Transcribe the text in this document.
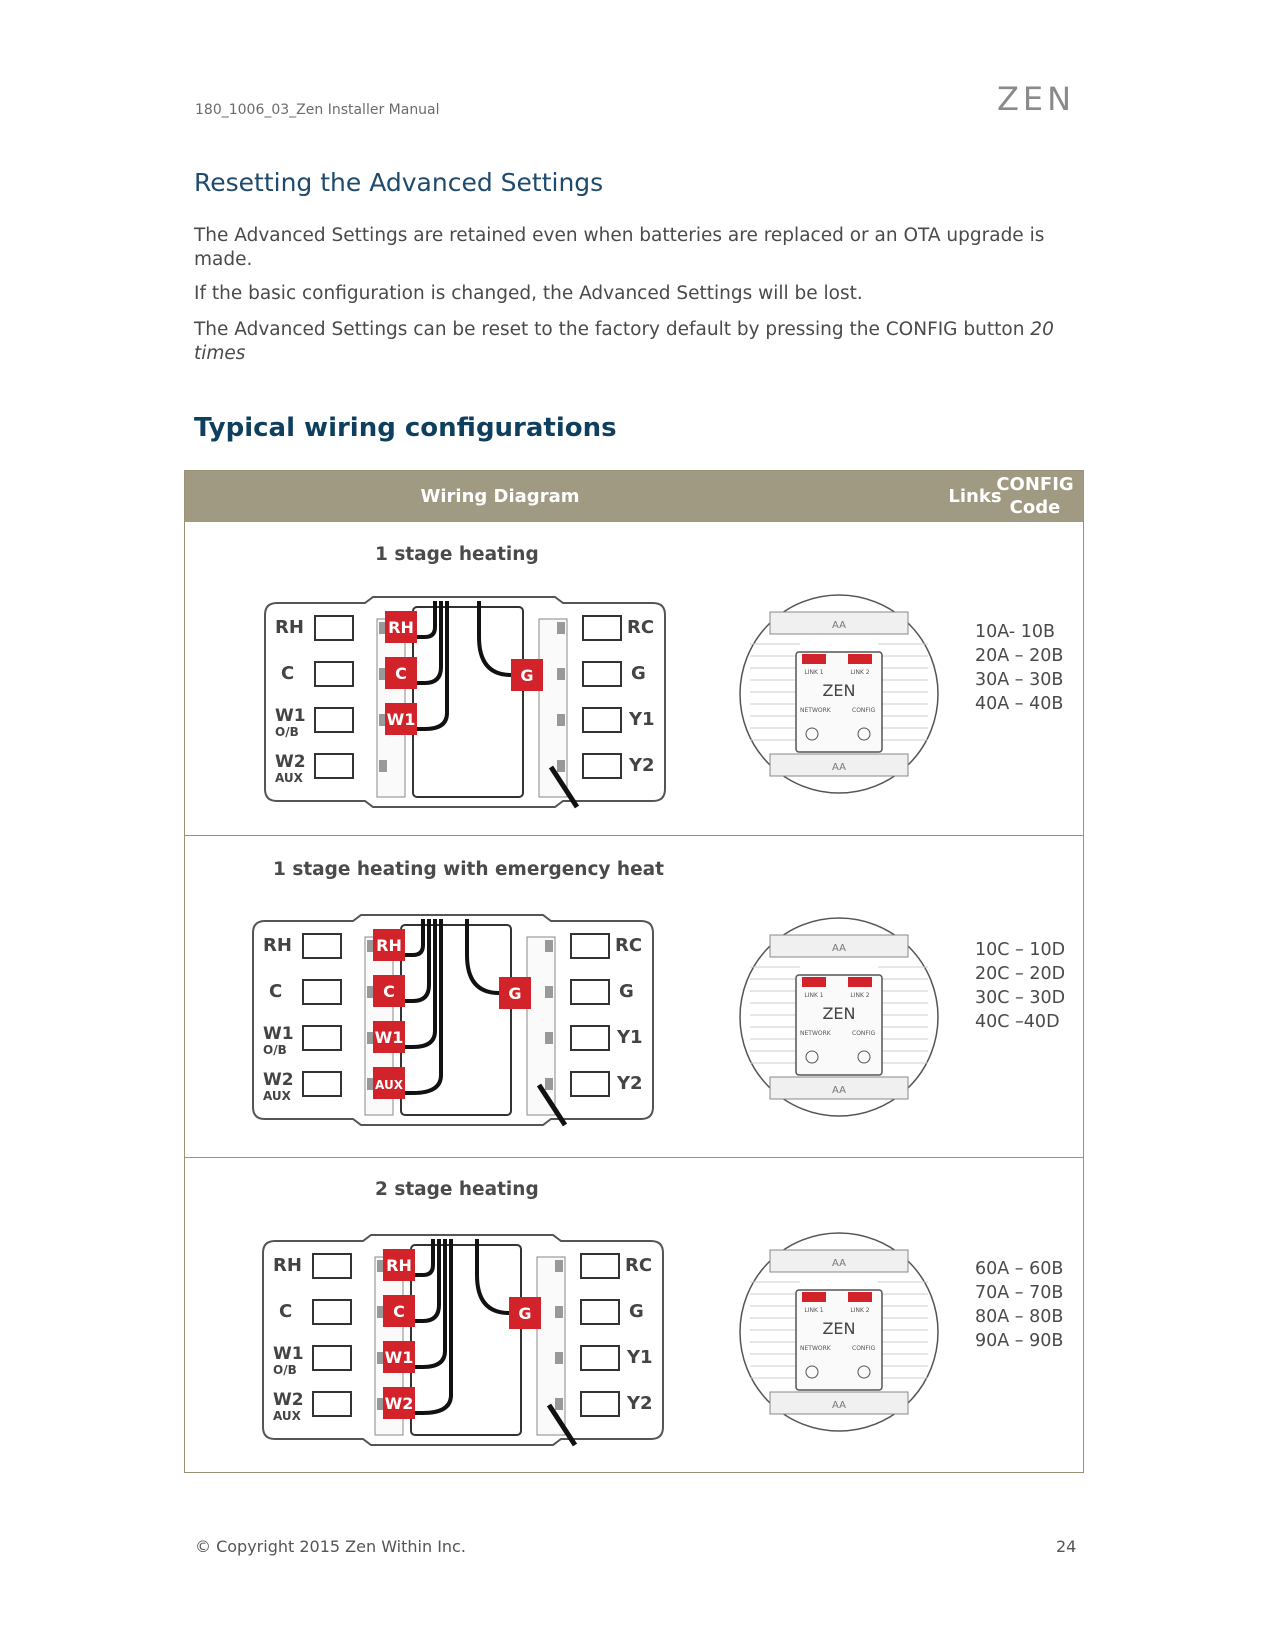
180_1006_03_Zen Installer Manual	ZEN
Resetting the Advanced Settings

The Advanced Settings are retained even when batteries are replaced or an OTA upgrade is made.

If the basic configuration is changed, the Advanced Settings will be lost.

The Advanced Settings can be reset to the factory default by pressing the CONFIG button 20 times

Typical wiring configurations
Wiring Diagram	Links
CONFIG
Code
1 stage heating
RH
C
W1
O/B
W2
AUX
RC
G
Y1
Y2
RH
C
W1
G
AA
AA
LINK 1	LINK 2
ZEN
NETWORK	CONFIG
10A- 10B
20A – 20B
30A – 30B
40A – 40B
1 stage heating with emergency heat
RH
C
W1
O/B
W2
AUX
RC
G
Y1
Y2
RH
C
W1
AUX
G
AA
AA
LINK 1	LINK 2
ZEN
NETWORK	CONFIG
10C – 10D
20C – 20D
30C – 30D
40C –40D
2 stage heating
RH
C
W1
O/B
W2
AUX
RC
G
Y1
Y2
RH
C
W1
W2
G
AA
AA
LINK 1	LINK 2
ZEN
NETWORK	CONFIG
60A – 60B
70A – 70B
80A – 80B
90A – 90B
© Copyright 2015 Zen Within Inc.	24
